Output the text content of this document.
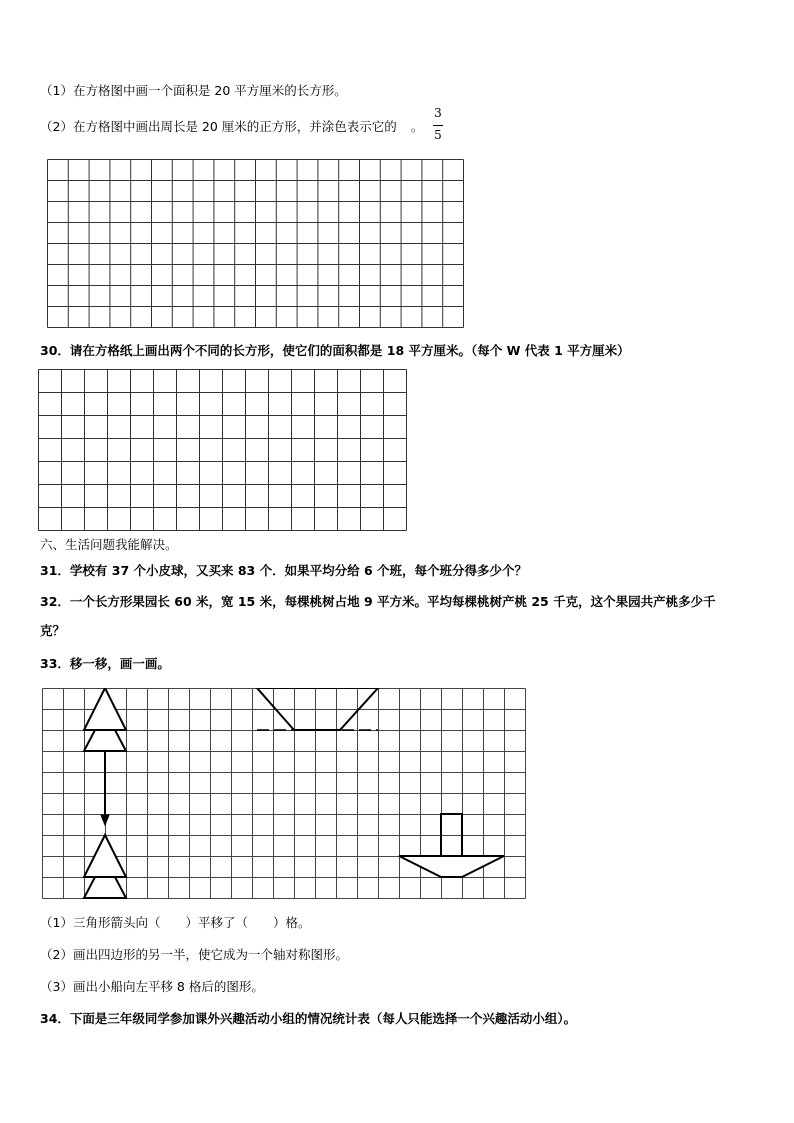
（1）在方格图中画一个面积是 20 平方厘米的长方形。
（2）在方格图中画出周长是 20 厘米的正方形，并涂色表示它的 。
3
5
30．请在方格纸上画出两个不同的长方形，使它们的面积都是 18 平方厘米。（每个 W 代表 1 平方厘米）
六、生活问题我能解决。
31．学校有 37 个小皮球，又买来 83 个．如果平均分给 6 个班，每个班分得多少个？
32．一个长方形果园长 60 米，宽 15 米，每棵桃树占地 9 平方米。平均每棵桃树产桃 25 千克，这个果园共产桃多少千
克？
33．移一移，画一画。
（1）三角形箭头向（　　）平移了（　　）格。
（2）画出四边形的另一半，使它成为一个轴对称图形。
（3）画出小船向左平移 8 格后的图形。
34．下面是三年级同学参加课外兴趣活动小组的情况统计表（每人只能选择一个兴趣活动小组）。
